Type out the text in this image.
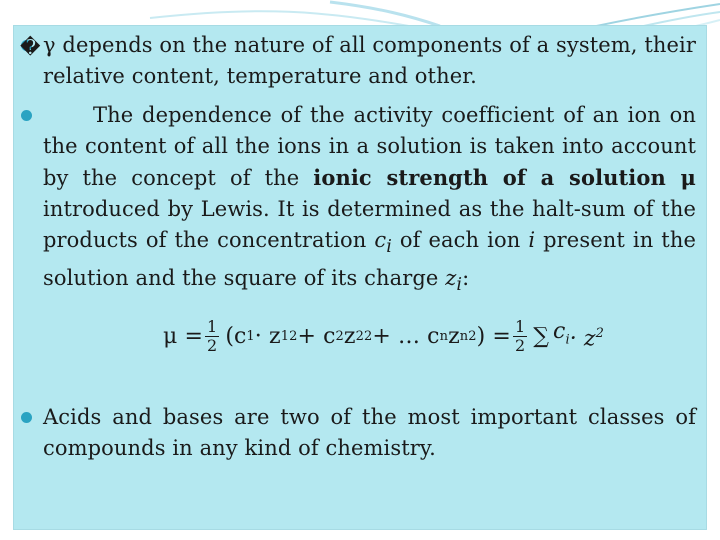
� γ depends on the nature of all components of a system, their relative content, temperature and other.
The dependence of the activity coefficient of an ion on the content of all the ions in a solution is taken into account by the concept of the ionic strength of a solution μ introduced by Lewis. It is determined as the halt-sum of the products of the concentration $c_i$ of each ion i present in the solution and the square of its charge $z_i$:
$\mu = \frac{1}{2} (c$ 1 · z 1 2 + c 2 z 2 2 + … c n z n 2 ) = $\frac{1}{2}$ ∑ $c_i \cdot z^2$
Acids and bases are two of the most important classes of compounds in any kind of chemistry.
